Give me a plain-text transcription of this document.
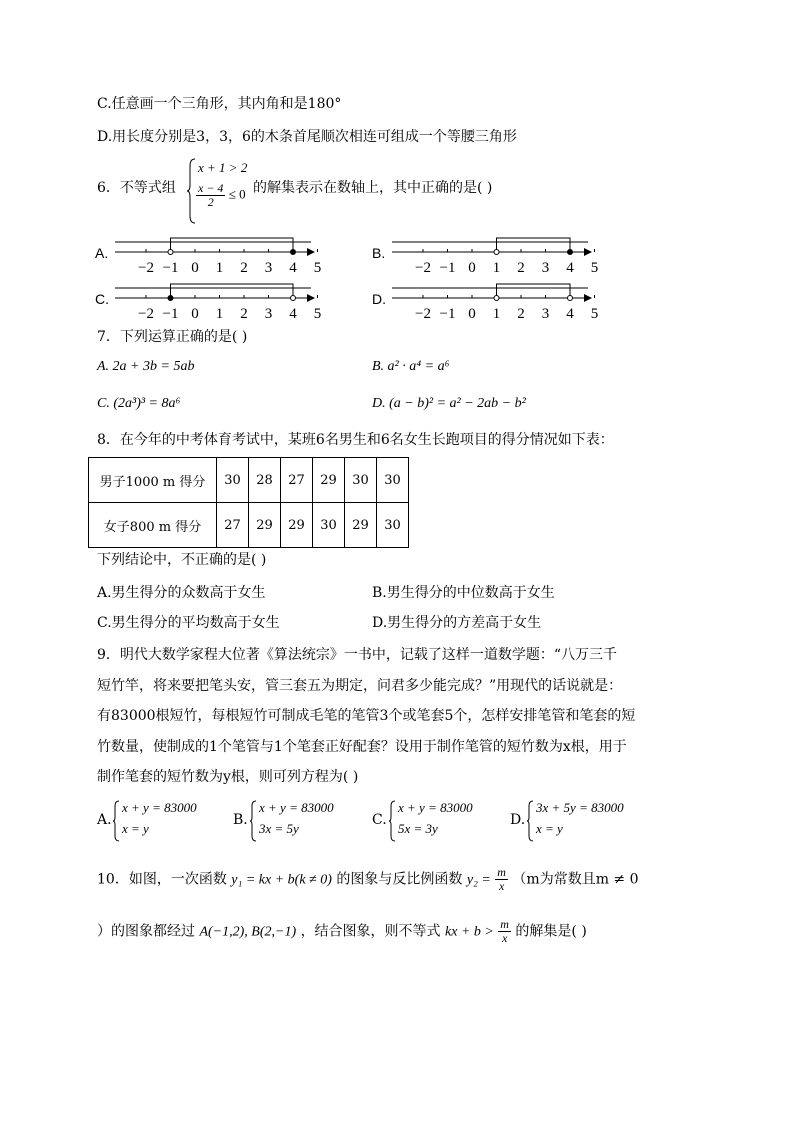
C.任意画一个三角形，其内角和是180°
D.用长度分别是3，3，6的木条首尾顺次相连可组成一个等腰三角形
6．不等式组
x + 1 > 2
$\frac{x - 4}{2} \le 0$ 的解集表示在数轴上，其中正确的是( )
A.
−2 −1 0 1 2 3 4 5
B.
−2 −1 0 1 2 3 4 5
C.
−2 −1 0 1 2 3 4 5
D.
−2 −1 0 1 2 3 4 5
7．下列运算正确的是( )
A. 2a + 3b = 5ab	B. a² · a⁴ = a⁶
C. (2a³)³ = 8a⁶	D. (a − b)² = a² − 2ab − b²
8．在今年的中考体育考试中，某班6名男生和6名女生长跑项目的得分情况如下表：
男子1000 m 得分	30	28	27	29	30	30
女子800 m 得分	27	29	29	30	29	30
下列结论中，不正确的是( )
A.男生得分的众数高于女生	B.男生得分的中位数高于女生
C.男生得分的平均数高于女生	D.男生得分的方差高于女生
9．明代大数学家程大位著《算法统宗》一书中，记载了这样一道数学题：“八万三千
短竹竿，将来要把笔头安，管三套五为期定，问君多少能完成？”用现代的话说就是：
有83000根短竹，每根短竹可制成毛笔的笔管3个或笔套5个，怎样安排笔管和笔套的短
竹数量，使制成的1个笔管与1个笔套正好配套？设用于制作笔管的短竹数为x根，用于
制作笔套的短竹数为y根，则可列方程为( )
A.
x + y = 83000
x = y
B.
x + y = 83000
3x = 5y
C.
x + y = 83000
5x = 3y
D.
3x + 5y = 83000
x = y
10．如图，一次函数 y₁ = kx + b(k ≠ 0) 的图象与反比例函数 $y_2 = \frac{m}{x} (m$为常数且m ≠ 0
）的图象都经过 A(−1,2), B(2,−1) ，结合图象，则不等式 kx + $b > \frac{m}{x}$ 的解集是( )
